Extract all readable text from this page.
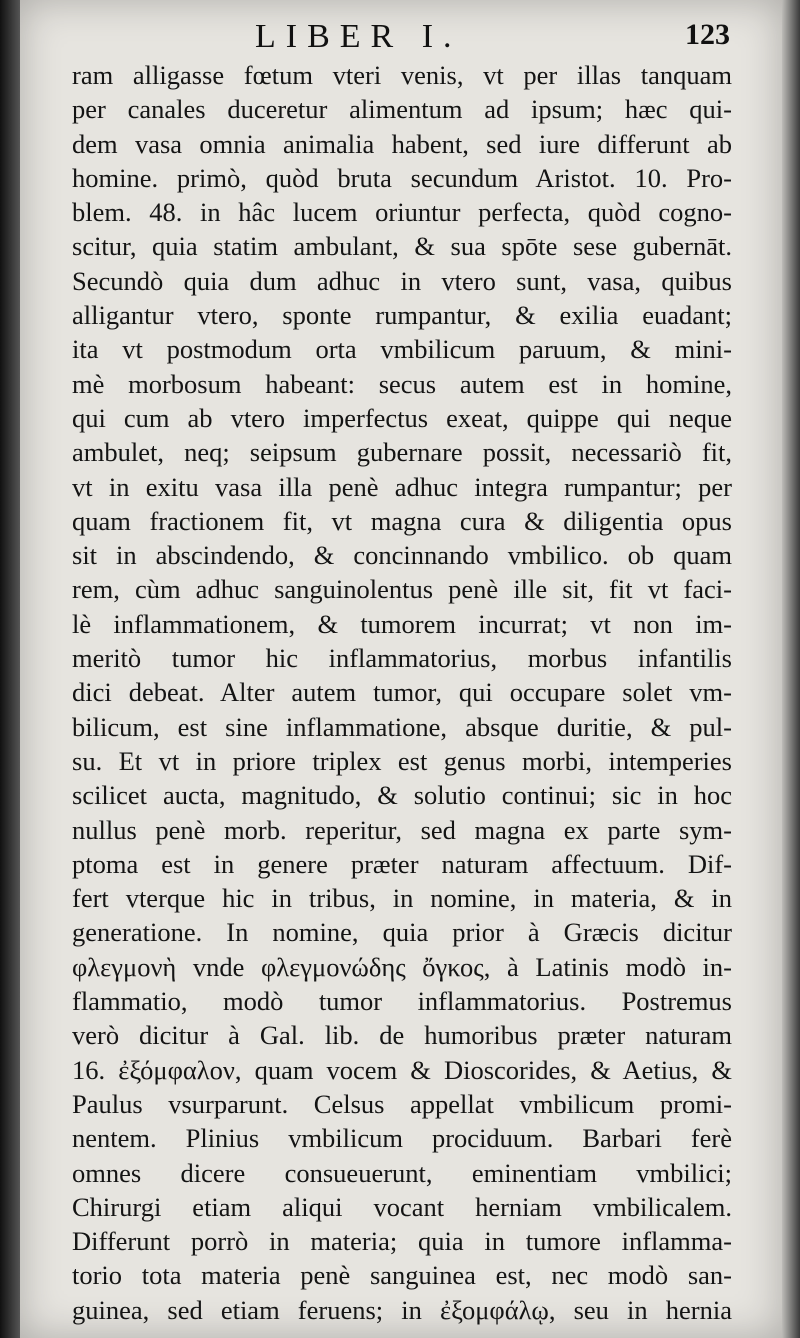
LIBER I.	123
ram alligasse fœtum vteri venis, vt per illas tanquam
per canales duceretur alimentum ad ipsum; hæc qui-
dem vasa omnia animalia habent, sed iure differunt ab
homine. primò, quòd bruta secundum Aristot. 10. Pro-
blem. 48. in hâc lucem oriuntur perfecta, quòd cogno-
scitur, quia statim ambulant, & sua spōte sese gubernāt.
Secundò quia dum adhuc in vtero sunt, vasa, quibus
alligantur vtero, sponte rumpantur, & exilia euadant;
ita vt postmodum orta vmbilicum paruum, & mini-
mè morbosum habeant: secus autem est in homine,
qui cum ab vtero imperfectus exeat, quippe qui neque
ambulet, neq; seipsum gubernare possit, necessariò fit,
vt in exitu vasa illa penè adhuc integra rumpantur; per
quam fractionem fit, vt magna cura & diligentia opus
sit in abscindendo, & concinnando vmbilico. ob quam
rem, cùm adhuc sanguinolentus penè ille sit, fit vt faci-
lè inflammationem, & tumorem incurrat; vt non im-
meritò tumor hic inflammatorius, morbus infantilis
dici debeat. Alter autem tumor, qui occupare solet vm-
bilicum, est sine inflammatione, absque duritie, & pul-
su. Et vt in priore triplex est genus morbi, intemperies
scilicet aucta, magnitudo, & solutio continui; sic in hoc
nullus penè morb. reperitur, sed magna ex parte sym-
ptoma est in genere præter naturam affectuum. Dif-
fert vterque hic in tribus, in nomine, in materia, & in
generatione. In nomine, quia prior à Græcis dicitur
φλεγμονὴ vnde φλεγμονώδης ὄγκος, à Latinis modò in-
flammatio, modò tumor inflammatorius. Postremus
verò dicitur à Gal. lib. de humoribus præter naturam
16. ἐξόμφαλον, quam vocem & Dioscorides, & Aetius, &
Paulus vsurparunt. Celsus appellat vmbilicum promi-
nentem. Plinius vmbilicum prociduum. Barbari ferè
omnes dicere consueuerunt, eminentiam vmbilici;
Chirurgi etiam aliqui vocant herniam vmbilicalem.
Differunt porrò in materia; quia in tumore inflamma-
torio tota materia penè sanguinea est, nec modò san-
guinea, sed etiam feruens; in ἐξομφάλῳ, seu in hernia
